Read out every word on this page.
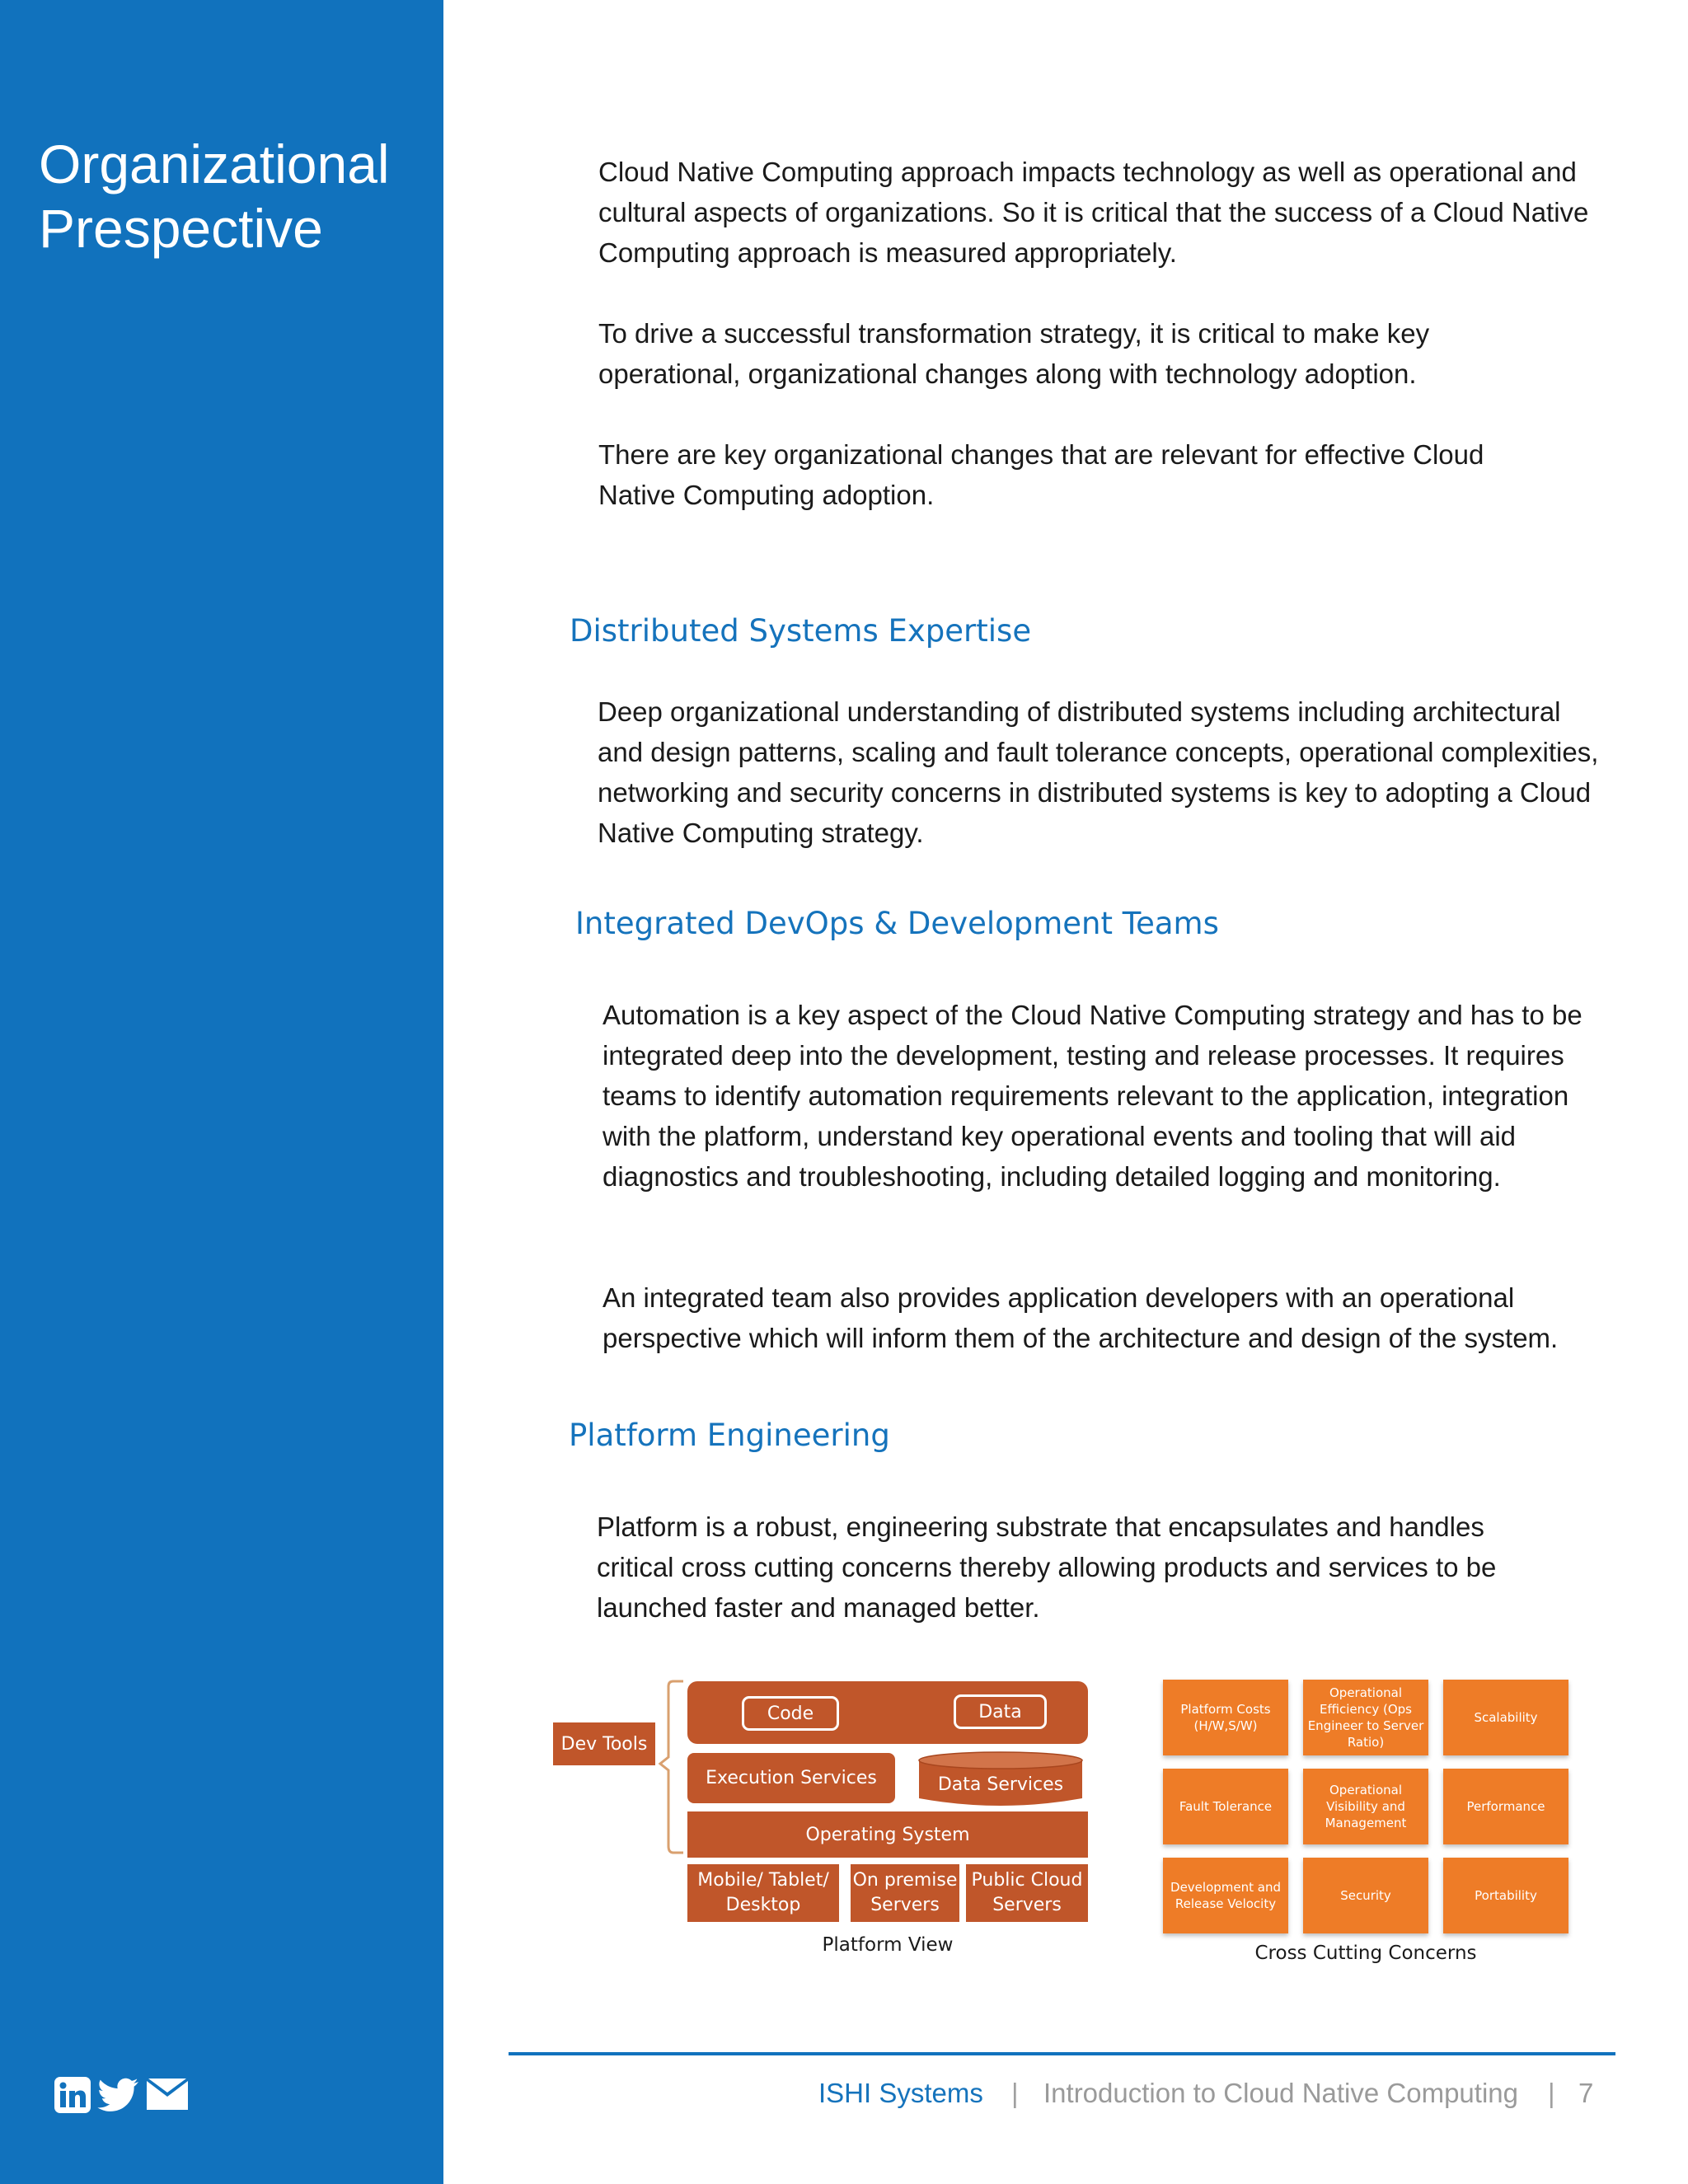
Organizational
Prespective

Cloud Native Computing approach impacts technology as well as operational and cultural aspects of organizations. So it is critical that the success of a Cloud Native Computing approach is measured appropriately.

To drive a successful transformation strategy, it is critical to make key operational, organizational changes along with technology adoption.

There are key organizational changes that are relevant for effective Cloud Native Computing adoption.

Distributed Systems Expertise

Deep organizational understanding of distributed systems including architectural and design patterns, scaling and fault tolerance concepts, operational complexities, networking and security concerns in distributed systems is key to adopting a Cloud Native Computing strategy.

Integrated DevOps & Development Teams

Automation is a key aspect of the Cloud Native Computing strategy and has to be integrated deep into the development, testing and release processes. It requires teams to identify automation requirements relevant to the application, integration with the platform, understand key operational events and tooling that will aid diagnostics and troubleshooting, including detailed logging and monitoring.

An integrated team also provides application developers with an operational perspective which will inform them of the architecture and design of the system.

Platform Engineering

Platform is a robust, engineering substrate that encapsulates and handles critical cross cutting concerns thereby allowing products and services to be launched faster and managed better.

Dev Tools
Code	Data
Execution Services	Data Services
Operating System
Mobile/ Tablet/
Desktop
On premise
Servers
Public Cloud
Servers
Platform View
Platform Costs (H/W,S/W)
Operational Efficiency (Ops Engineer to Server Ratio)
Scalability
Fault Tolerance
Operational Visibility and Management
Performance
Development and Release Velocity
Security	Portability
Cross Cutting Concerns
ISHI Systems | Introduction to Cloud Native Computing | 7
